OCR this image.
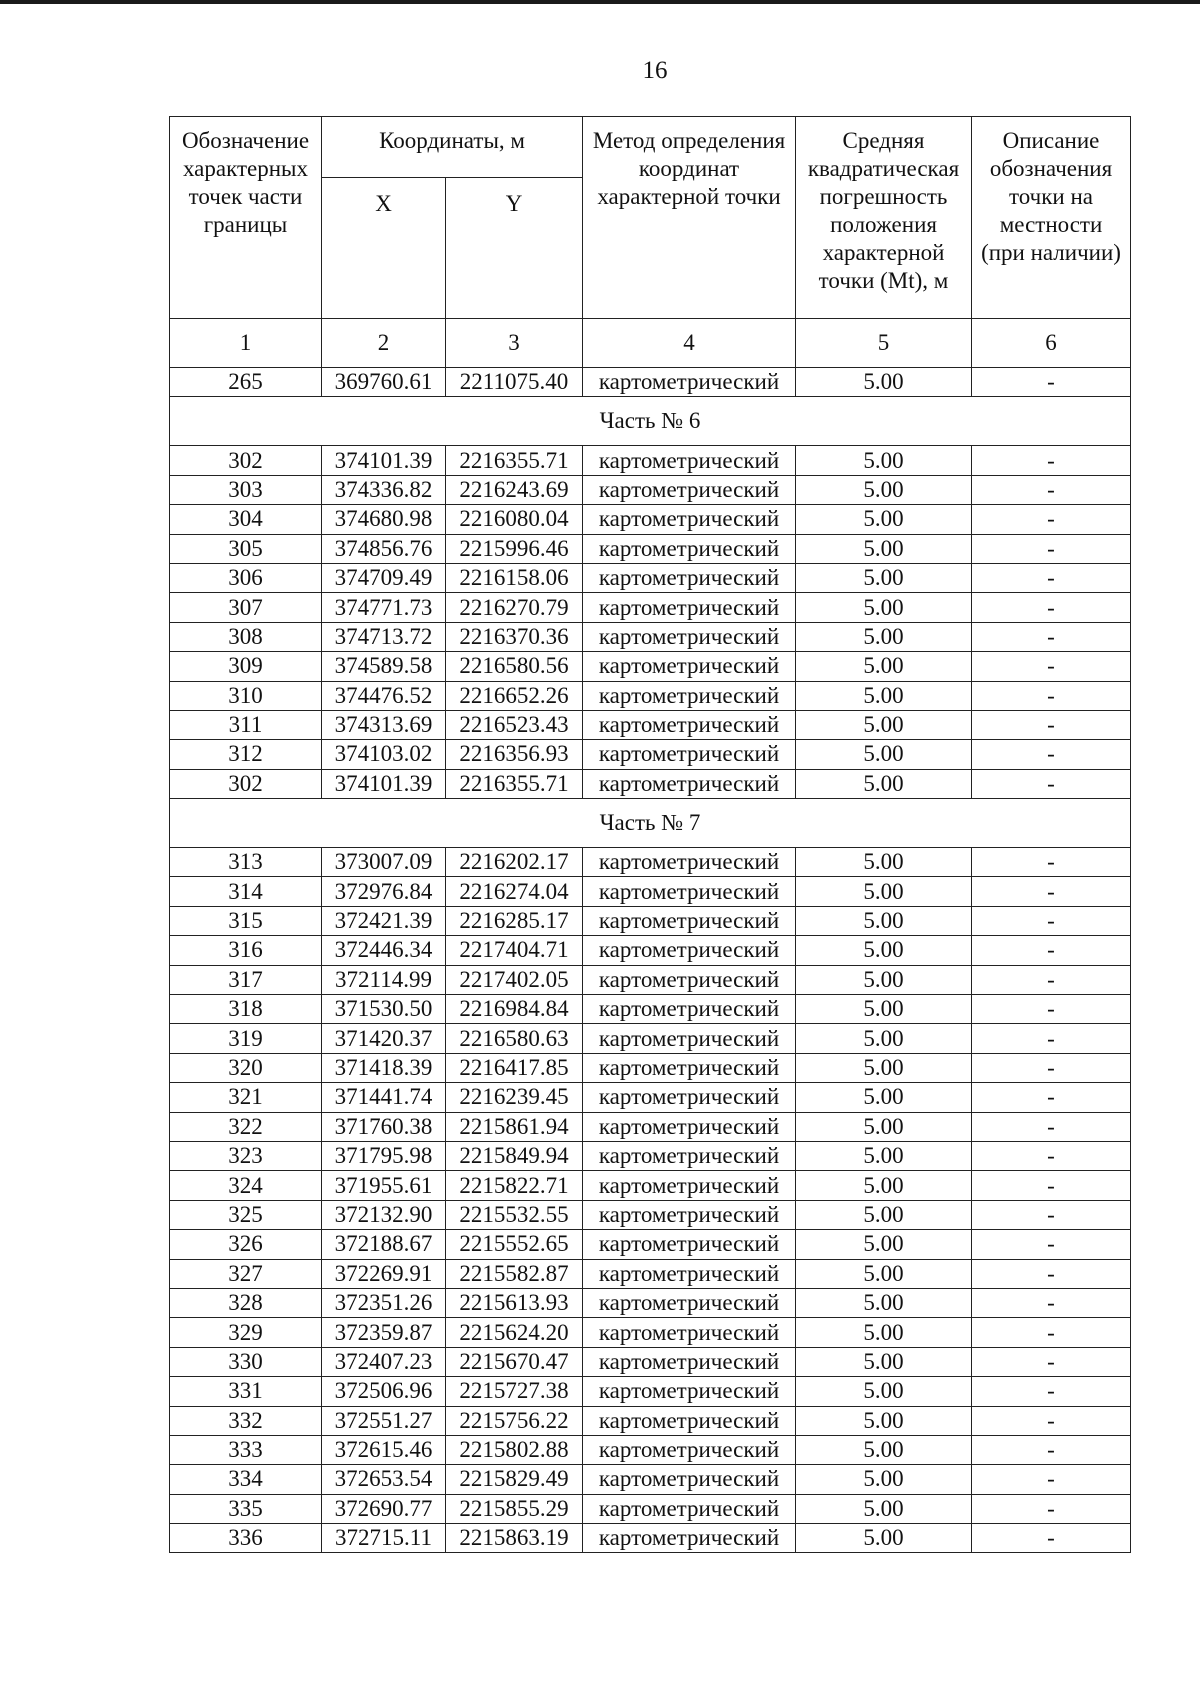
16
Обозначение характерных точек части границы	Координаты, м		Метод определения координат характерной точки	Средняя квадратическая погрешность положения характерной точки (Mt), м	Описание обозначения точки на местности (при наличии)
	X	Y			
1	2	3	4	5	6
265	369760.61	2211075.40	картометрический	5.00	-
Часть № 6					
302	374101.39	2216355.71	картометрический	5.00	-
303	374336.82	2216243.69	картометрический	5.00	-
304	374680.98	2216080.04	картометрический	5.00	-
305	374856.76	2215996.46	картометрический	5.00	-
306	374709.49	2216158.06	картометрический	5.00	-
307	374771.73	2216270.79	картометрический	5.00	-
308	374713.72	2216370.36	картометрический	5.00	-
309	374589.58	2216580.56	картометрический	5.00	-
310	374476.52	2216652.26	картометрический	5.00	-
311	374313.69	2216523.43	картометрический	5.00	-
312	374103.02	2216356.93	картометрический	5.00	-
302	374101.39	2216355.71	картометрический	5.00	-
Часть № 7					
313	373007.09	2216202.17	картометрический	5.00	-
314	372976.84	2216274.04	картометрический	5.00	-
315	372421.39	2216285.17	картометрический	5.00	-
316	372446.34	2217404.71	картометрический	5.00	-
317	372114.99	2217402.05	картометрический	5.00	-
318	371530.50	2216984.84	картометрический	5.00	-
319	371420.37	2216580.63	картометрический	5.00	-
320	371418.39	2216417.85	картометрический	5.00	-
321	371441.74	2216239.45	картометрический	5.00	-
322	371760.38	2215861.94	картометрический	5.00	-
323	371795.98	2215849.94	картометрический	5.00	-
324	371955.61	2215822.71	картометрический	5.00	-
325	372132.90	2215532.55	картометрический	5.00	-
326	372188.67	2215552.65	картометрический	5.00	-
327	372269.91	2215582.87	картометрический	5.00	-
328	372351.26	2215613.93	картометрический	5.00	-
329	372359.87	2215624.20	картометрический	5.00	-
330	372407.23	2215670.47	картометрический	5.00	-
331	372506.96	2215727.38	картометрический	5.00	-
332	372551.27	2215756.22	картометрический	5.00	-
333	372615.46	2215802.88	картометрический	5.00	-
334	372653.54	2215829.49	картометрический	5.00	-
335	372690.77	2215855.29	картометрический	5.00	-
336	372715.11	2215863.19	картометрический	5.00	-
